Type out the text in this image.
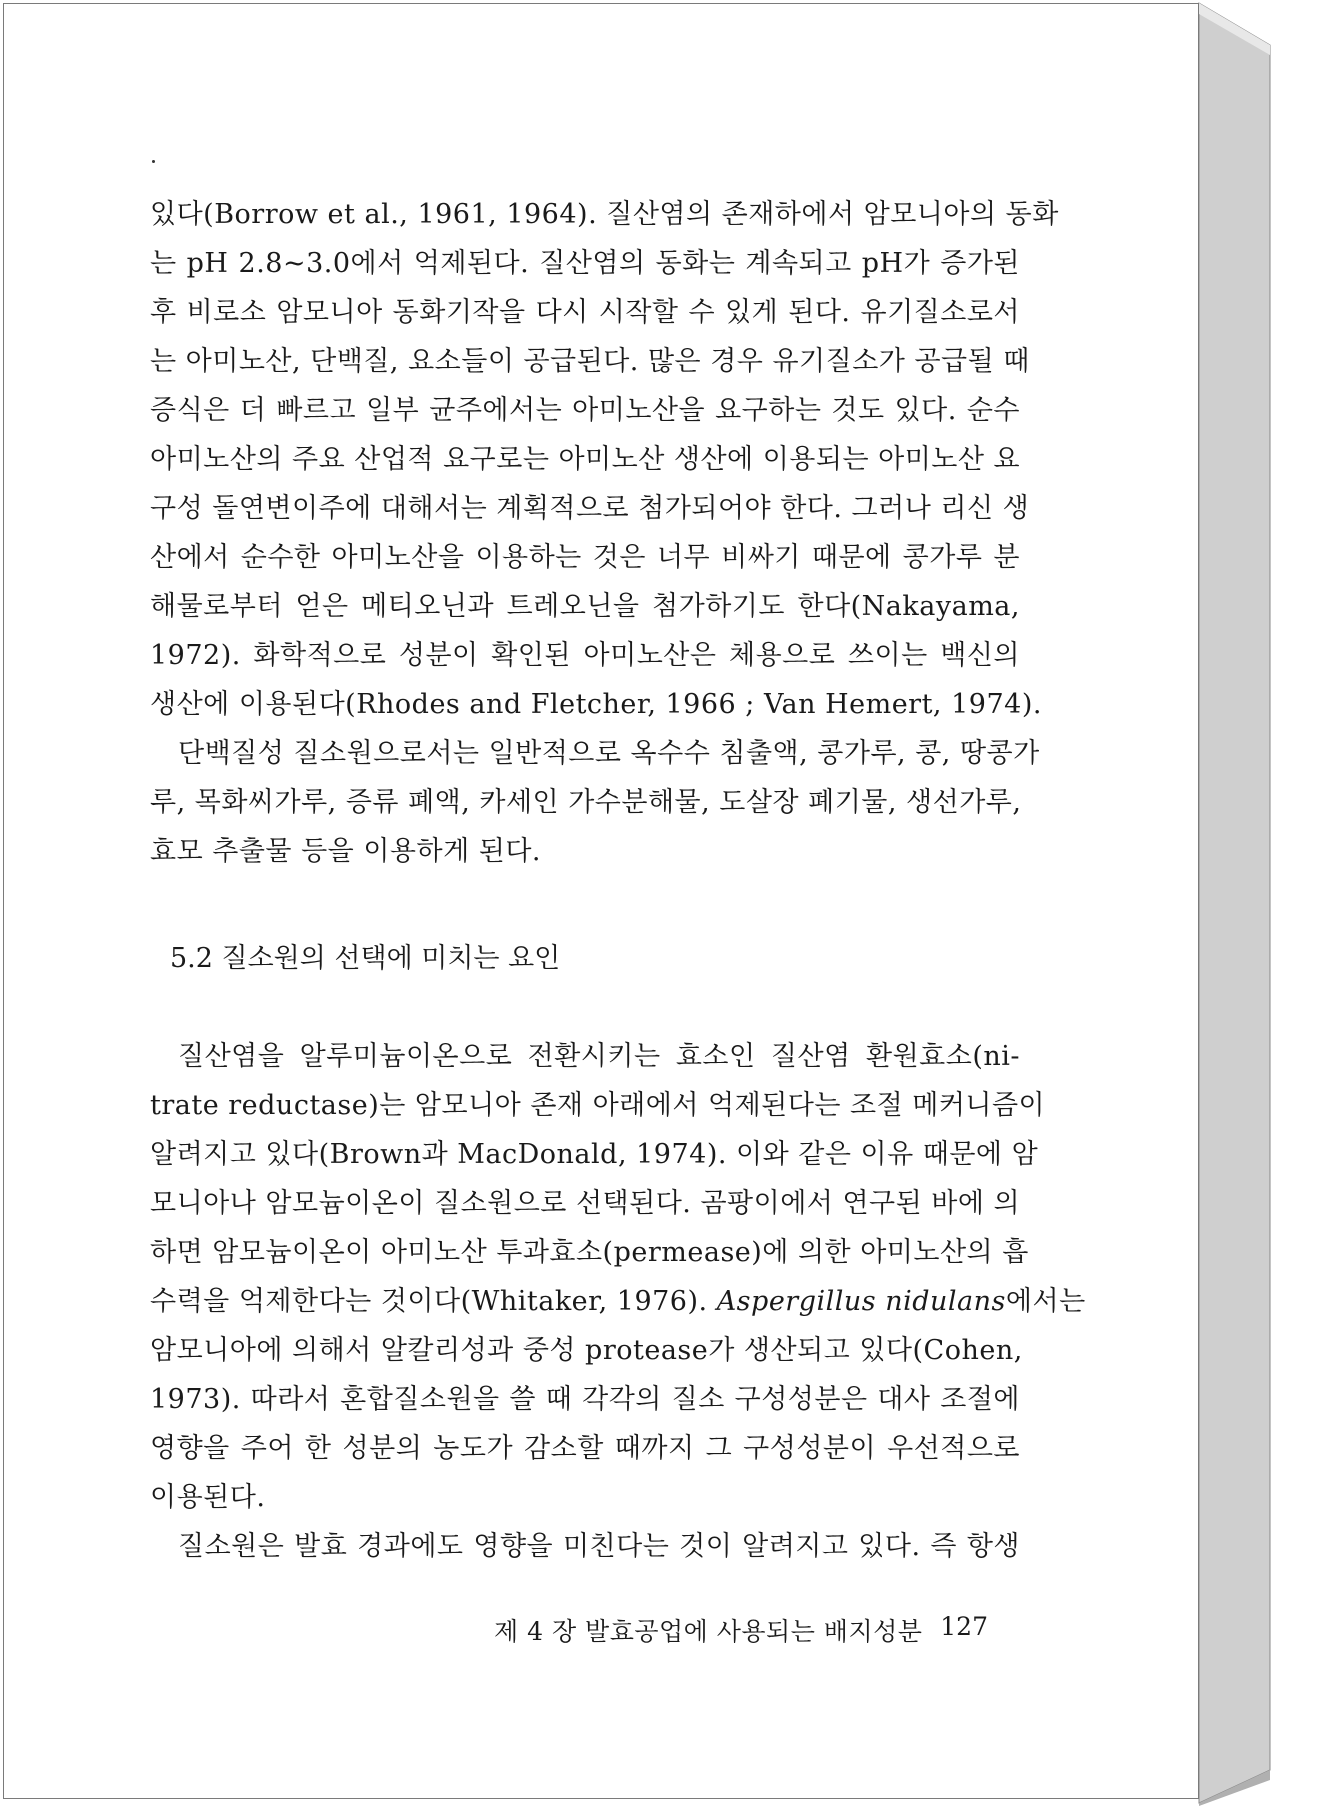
있다(Borrow et al., 1961, 1964). 질산염의 존재하에서 암모니아의 동화
는 pH 2.8~3.0에서 억제된다. 질산염의 동화는 계속되고 pH가 증가된
후 비로소 암모니아 동화기작을 다시 시작할 수 있게 된다. 유기질소로서
는 아미노산, 단백질, 요소들이 공급된다. 많은 경우 유기질소가 공급될 때
증식은 더 빠르고 일부 균주에서는 아미노산을 요구하는 것도 있다. 순수
아미노산의 주요 산업적 요구로는 아미노산 생산에 이용되는 아미노산 요
구성 돌연변이주에 대해서는 계획적으로 첨가되어야 한다. 그러나 리신 생
산에서 순수한 아미노산을 이용하는 것은 너무 비싸기 때문에 콩가루 분
해물로부터 얻은 메티오닌과 트레오닌을 첨가하기도 한다(Nakayama,
1972). 화학적으로 성분이 확인된 아미노산은 체용으로 쓰이는 백신의
생산에 이용된다(Rhodes and Fletcher, 1966 ; Van Hemert, 1974).
단백질성 질소원으로서는 일반적으로 옥수수 침출액, 콩가루, 콩, 땅콩가
루, 목화씨가루, 증류 폐액, 카세인 가수분해물, 도살장 폐기물, 생선가루,
효모 추출물 등을 이용하게 된다.
5.2 질소원의 선택에 미치는 요인
질산염을 알루미늄이온으로 전환시키는 효소인 질산염 환원효소(ni-
trate reductase)는 암모니아 존재 아래에서 억제된다는 조절 메커니즘이
알려지고 있다(Brown과 MacDonald, 1974). 이와 같은 이유 때문에 암
모니아나 암모늄이온이 질소원으로 선택된다. 곰팡이에서 연구된 바에 의
하면 암모늄이온이 아미노산 투과효소(permease)에 의한 아미노산의 흡
수력을 억제한다는 것이다(Whitaker, 1976). Aspergillus nidulans에서는
암모니아에 의해서 알칼리성과 중성 protease가 생산되고 있다(Cohen,
1973). 따라서 혼합질소원을 쓸 때 각각의 질소 구성성분은 대사 조절에
영향을 주어 한 성분의 농도가 감소할 때까지 그 구성성분이 우선적으로
이용된다.
질소원은 발효 경과에도 영향을 미친다는 것이 알려지고 있다. 즉 항생
제 4 장 발효공업에 사용되는 배지성분 127
